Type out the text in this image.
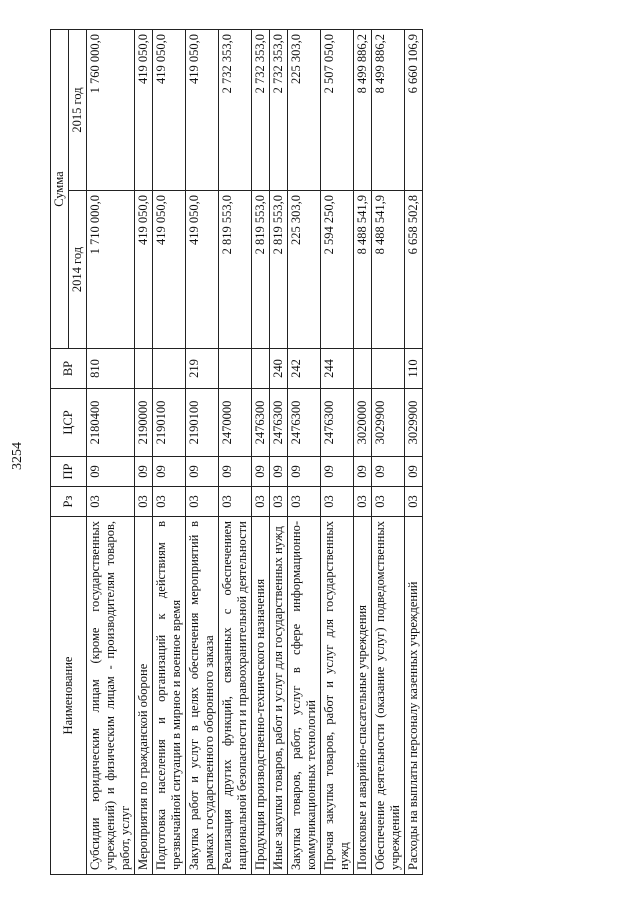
3254
Наименование	Рз	ПР	ЦСР	ВР	Сумма	
					2014 год	2015 год
Субсидии юридическим лицам (кроме государственных учреждений) и физическим лицам - производителям товаров, работ, услуг	03	09	2180400	810	1 710 000,0	1 760 000,0
Мероприятия по гражданской обороне	03	09	2190000		419 050,0	419 050,0
Подготовка населения и организаций к действиям в чрезвычайной ситуации в мирное и военное время	03	09	2190100		419 050,0	419 050,0
Закупка работ и услуг в целях обеспечения мероприятий в рамках государственного оборонного заказа	03	09	2190100	219	419 050,0	419 050,0
Реализация других функций, связанных с обеспечением национальной безопасности и правоохранительной деятельности	03	09	2470000		2 819 553,0	2 732 353,0
Продукция производственно-технического назначения	03	09	2476300		2 819 553,0	2 732 353,0
Иные закупки товаров, работ и услуг для государственных нужд	03	09	2476300	240	2 819 553,0	2 732 353,0
Закупка товаров, работ, услуг в сфере информационно-коммуникационных технологий	03	09	2476300	242	225 303,0	225 303,0
Прочая закупка товаров, работ и услуг для государственных нужд	03	09	2476300	244	2 594 250,0	2 507 050,0
Поисковые и аварийно-спасательные учреждения	03	09	3020000		8 488 541,9	8 499 886,2
Обеспечение деятельности (оказание услуг) подведомственных учреждений	03	09	3029900		8 488 541,9	8 499 886,2
Расходы на выплаты персоналу казенных учреждений	03	09	3029900	110	6 658 502,8	6 660 106,9
